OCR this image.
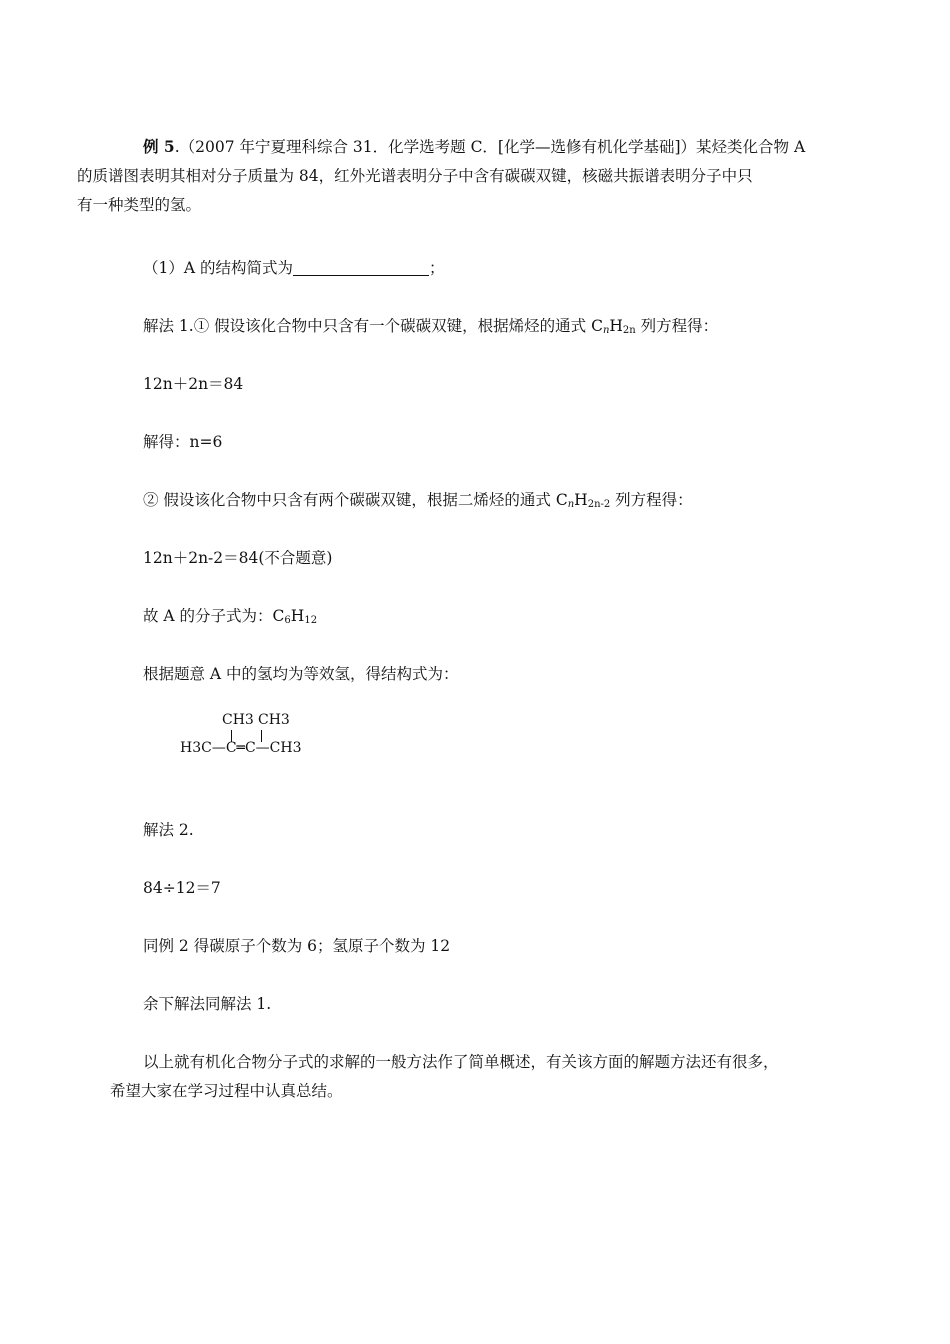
例 5.（2007 年宁夏理科综合 31．化学选考题 C．[化学—选修有机化学基础]）某烃类化合物 A
的质谱图表明其相对分子质量为 84，红外光谱表明分子中含有碳碳双键，核磁共振谱表明分子中只
有一种类型的氢。
（1）A 的结构简式为	；
解法 1.① 假设该化合物中只含有一个碳碳双键，根据烯烃的通式 $C_nH_{2n}$ 列方程得：
12n＋2n＝84
解得：n=6
② 假设该化合物中只含有两个碳碳双键，根据二烯烃的通式 $C_nH_{2n-2}$ 列方程得：
12n＋2n-2＝84(不合题意)
故 A 的分子式为：$C_6H_{12}$
根据题意 A 中的氢均为等效氢，得结构式为：
CH3 CH3
H3C—C═C—CH3
解法 2.
84÷12＝7
同例 2 得碳原子个数为 6；氢原子个数为 12
余下解法同解法 1.
以上就有机化合物分子式的求解的一般方法作了简单概述，有关该方面的解题方法还有很多，
希望大家在学习过程中认真总结。
